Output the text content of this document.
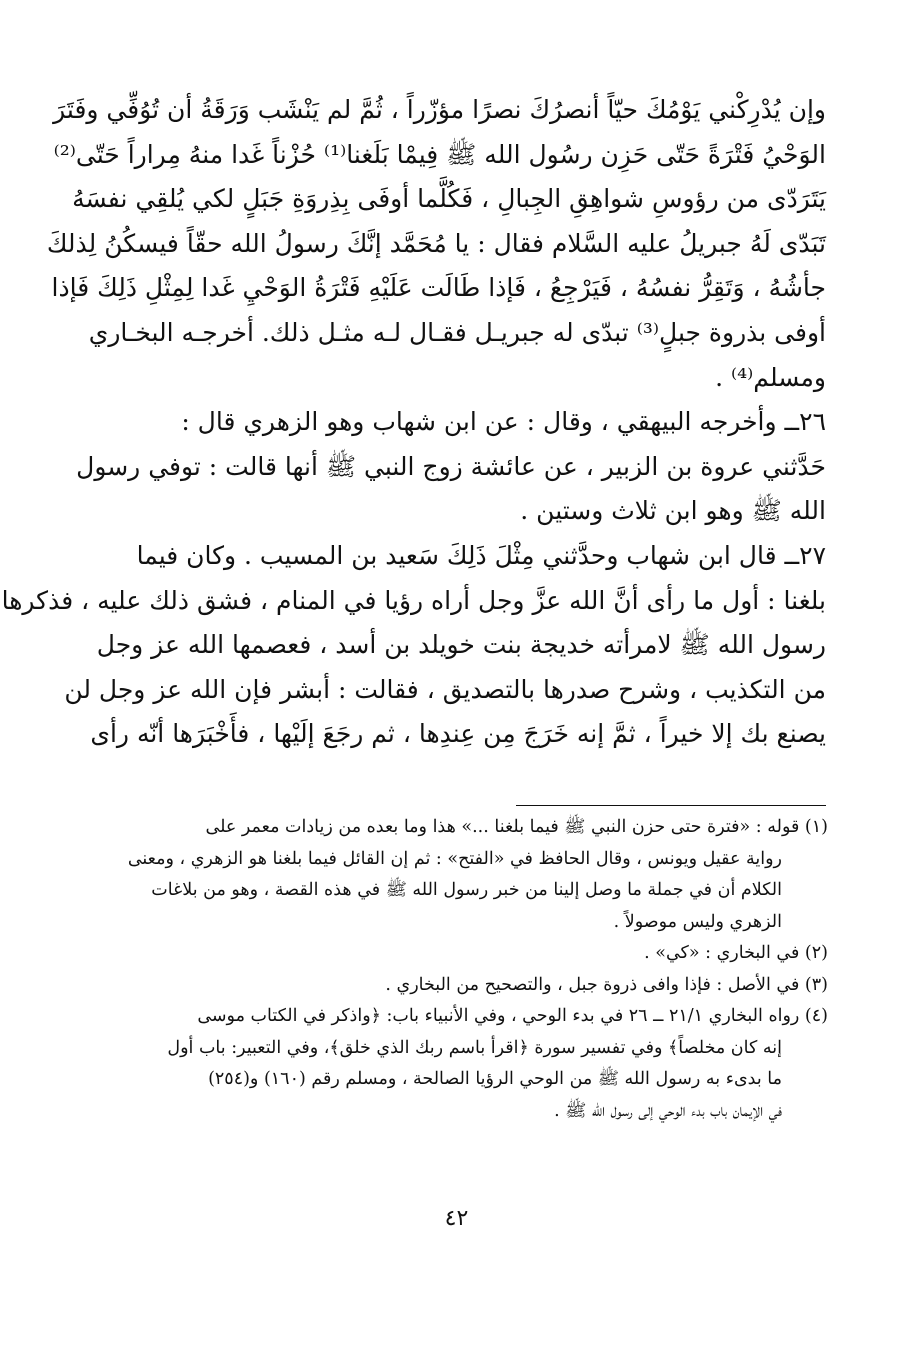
وإن يُدْرِكْني يَوْمُكَ حيّاً أنصرُكَ نصرًا مؤزّراً ، ثُمَّ لم يَنْشَب وَرَقَةُ أن تُوُفِّي وفَتَرَ
الوَحْيُ فَتْرَةً حَتّى حَزِن رسُول الله ﷺ فِيمْا بَلَغنا⁽¹⁾ حُزْناً غَدا منهُ مِراراً حَتّى⁽²⁾
يَتَرَدّى من رؤوسِ شواهِقِ الجِبالِ ، فَكُلَّما أوفَى بِذِروَةِ جَبَلٍ لكي يُلقِي نفسَهُ
تَبَدّى لَهُ جبريلُ عليه السَّلام فقال : يا مُحَمَّد إنَّكَ رسولُ الله حقّاً فيسكُنُ لِذلكَ
جأشُهُ ، وَتَقِرُّ نفسُهُ ، فَيَرْجِعُ ، فَإذا طَالَت عَلَيْهِ فَتْرَةُ الوَحْيِ غَدا لِمِثْلِ ذَلِكَ فَإذا
أوفى بذروة جبلٍ⁽³⁾ تبدّى له جبريـل فقـال لـه مثـل ذلك. أخرجـه البخـاري
ومسلم⁽⁴⁾ .

٢٦ــ وأخرجه البيهقي ، وقال : عن ابن شهاب وهو الزهري قال :
حَدَّثني عروة بن الزبير ، عن عائشة زوج النبي ﷺ أنها قالت : توفي رسول
الله ﷺ وهو ابن ثلاث وستين .

٢٧ــ قال ابن شهاب وحدَّثني مِثْلَ ذَلِكَ سَعيد بن المسيب . وكان فيما
بلغنا : أول ما رأى أنَّ الله عزَّ وجل أراه رؤيا في المنام ، فشق ذلك عليه ، فذكرها
رسول الله ﷺ لامرأته خديجة بنت خويلد بن أسد ، فعصمها الله عز وجل
من التكذيب ، وشرح صدرها بالتصديق ، فقالت : أبشر فإن الله عز وجل لن
يصنع بك إلا خيراً ، ثمَّ إنه خَرَجَ مِن عِندِها ، ثم رجَعَ إلَيْها ، فأَخْبَرَها أنّه رأى

(١) قوله : «فترة حتى حزن النبي ﷺ فيما بلغنا ...» هذا وما بعده من زيادات معمر على
رواية عقيل ويونس ، وقال الحافظ في «الفتح» : ثم إن القائل فيما بلغنا هو الزهري ، ومعنى
الكلام أن في جملة ما وصل إلينا من خبر رسول الله ﷺ في هذه القصة ، وهو من بلاغات
الزهري وليس موصولاً .
(٢) في البخاري : «كي» .
(٣) في الأصل : فإذا وافى ذروة جبل ، والتصحيح من البخاري .
(٤) رواه البخاري ٢١/١ ــ ٢٦ في بدء الوحي ، وفي الأنبياء باب: ﴿واذكر في الكتاب موسى
إنه كان مخلصاً﴾ وفي تفسير سورة ﴿اقرأ باسم ربك الذي خلق﴾، وفي التعبير: باب أول
ما بدىء به رسول الله ﷺ من الوحي الرؤيا الصالحة ، ومسلم رقم (١٦٠) و(٢٥٤)
في الإيمان باب بدء الوحي إلى رسول الله ﷺ .
٤٢
